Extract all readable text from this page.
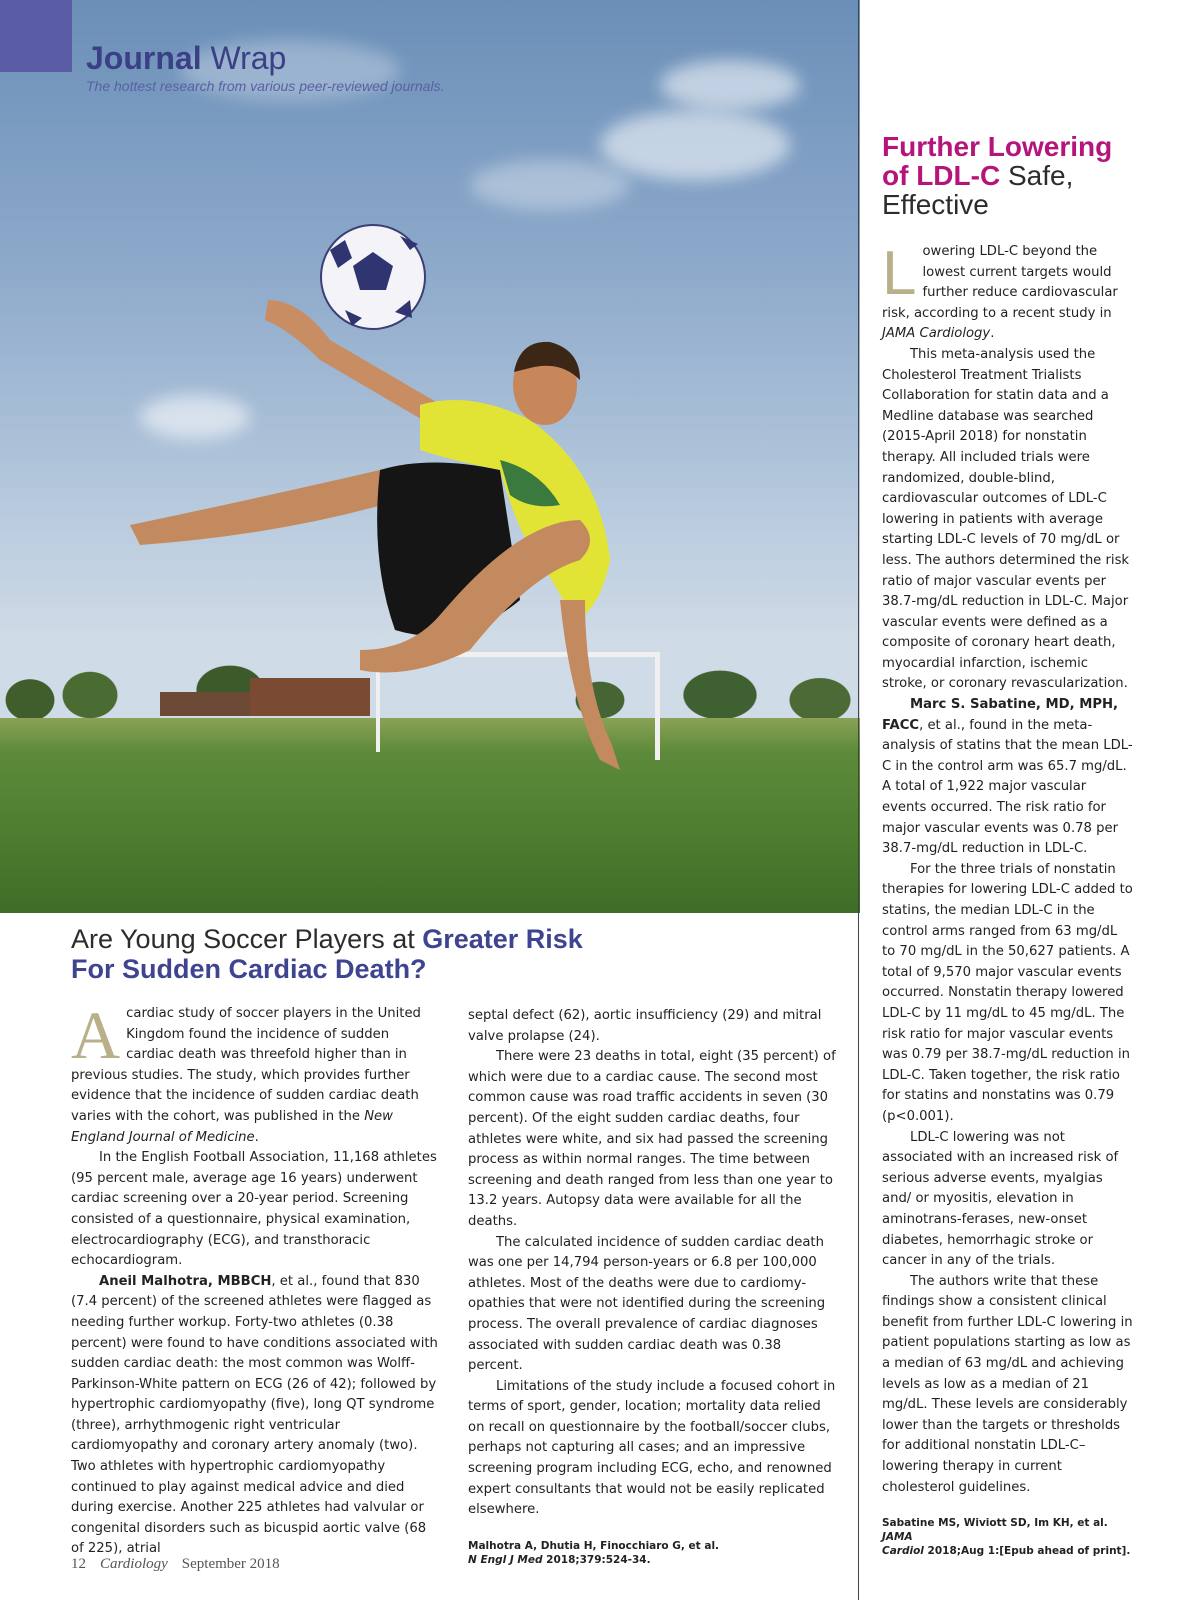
Journal Wrap
The hottest research from various peer-reviewed journals.
Are Young Soccer Players at Greater Risk For Sudden Cardiac Death?

A cardiac study of soccer players in the United Kingdom found the incidence of sudden cardiac death was threefold higher than in previous studies. The study, which provides further evidence that the incidence of sudden cardiac death varies with the cohort, was published in the New England Journal of Medicine.

In the English Football Association, 11,168 athletes (95 percent male, average age 16 years) underwent cardiac screening over a 20-year period. Screening consisted of a questionnaire, physical examination, electrocardiography (ECG), and transthoracic echocardiogram.

Aneil Malhotra, MBBCH, et al., found that 830 (7.4 percent) of the screened athletes were flagged as needing further workup. Forty-two athletes (0.38 percent) were found to have conditions associated with sudden cardiac death: the most common was Wolff-Parkinson-White pattern on ECG (26 of 42); followed by hypertrophic cardiomyopathy (five), long QT syndrome (three), arrhythmogenic right ventricular cardiomyopathy and coronary artery anomaly (two). Two athletes with hypertrophic cardiomyopathy continued to play against medical advice and died during exercise. Another 225 athletes had valvular or congenital disorders such as bicuspid aortic valve (68 of 225), atrial

septal defect (62), aortic insufficiency (29) and mitral valve prolapse (24).

There were 23 deaths in total, eight (35 percent) of which were due to a cardiac cause. The second most common cause was road traffic accidents in seven (30 percent). Of the eight sudden cardiac deaths, four athletes were white, and six had passed the screening process as within normal ranges. The time between screening and death ranged from less than one year to 13.2 years. Autopsy data were available for all the deaths.

The calculated incidence of sudden cardiac death was one per 14,794 person-years or 6.8 per 100,000 athletes. Most of the deaths were due to cardiomy-opathies that were not identified during the screening process. The overall prevalence of cardiac diagnoses associated with sudden cardiac death was 0.38 percent.

Limitations of the study include a focused cohort in terms of sport, gender, location; mortality data relied on recall on questionnaire by the football/soccer clubs, perhaps not capturing all cases; and an impressive screening program including ECG, echo, and renowned expert consultants that would not be easily replicated elsewhere.

Malhotra A, Dhutia H, Finocchiaro G, et al.
N Engl J Med 2018;379:524-34.
Further Lowering of LDL-C Safe, Effective

Lowering LDL-C beyond the lowest current targets would further reduce cardiovascular risk, according to a recent study in JAMA Cardiology.

This meta-analysis used the Cholesterol Treatment Trialists Collaboration for statin data and a Medline database was searched (2015-April 2018) for nonstatin therapy. All included trials were randomized, double-blind, cardiovascular outcomes of LDL-C lowering in patients with average starting LDL-C levels of 70 mg/dL or less. The authors determined the risk ratio of major vascular events per 38.7-mg/dL reduction in LDL-C. Major vascular events were defined as a composite of coronary heart death, myocardial infarction, ischemic stroke, or coronary revascularization.

Marc S. Sabatine, MD, MPH, FACC, et al., found in the meta-analysis of statins that the mean LDL-C in the control arm was 65.7 mg/dL. A total of 1,922 major vascular events occurred. The risk ratio for major vascular events was 0.78 per 38.7-mg/dL reduction in LDL-C.

For the three trials of nonstatin therapies for lowering LDL-C added to statins, the median LDL-C in the control arms ranged from 63 mg/dL to 70 mg/dL in the 50,627 patients. A total of 9,570 major vascular events occurred. Nonstatin therapy lowered LDL-C by 11 mg/dL to 45 mg/dL. The risk ratio for major vascular events was 0.79 per 38.7-mg/dL reduction in LDL-C. Taken together, the risk ratio for statins and nonstatins was 0.79 (p<0.001).

LDL-C lowering was not associated with an increased risk of serious adverse events, myalgias and/ or myositis, elevation in aminotrans-ferases, new-onset diabetes, hemorrhagic stroke or cancer in any of the trials.

The authors write that these findings show a consistent clinical benefit from further LDL-C lowering in patient populations starting as low as a median of 63 mg/dL and achieving levels as low as a median of 21 mg/dL. These levels are considerably lower than the targets or thresholds for additional nonstatin LDL-C–lowering therapy in current cholesterol guidelines.

Sabatine MS, Wiviott SD, Im KH, et al. JAMA
Cardiol 2018;Aug 1:[Epub ahead of print].
12 Cardiology September 2018
